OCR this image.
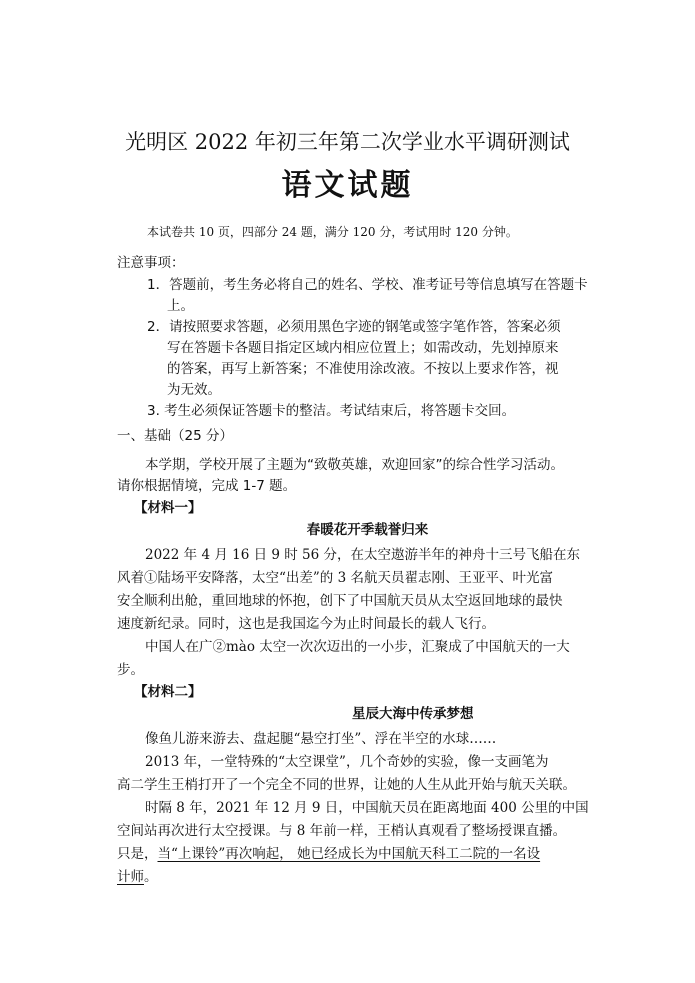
光明区 2022 年初三年第二次学业水平调研测试
语文试题
本试卷共 10 页，四部分 24 题，满分 120 分，考试用时 120 分钟。
注意事项：
1．答题前，考生务必将自己的姓名、学校、准考证号等信息填写在答题卡
上。
2．请按照要求答题，必须用黑色字迹的钢笔或签字笔作答，答案必须
写在答题卡各题目指定区域内相应位置上；如需改动，先划掉原来
的答案，再写上新答案；不准使用涂改液。不按以上要求作答，视
为无效。
3. 考生必须保证答题卡的整洁。考试结束后，将答题卡交回。
一、基础（25 分）
本学期，学校开展了主题为“致敬英雄，欢迎回家”的综合性学习活动。
请你根据情境，完成 1-7 题。
【材料一】
春暖花开季载誉归来
2022 年 4 月 16 日 9 时 56 分，在太空遨游半年的神舟十三号飞船在东
风着①陆场平安降落，太空“出差”的 3 名航天员翟志刚、王亚平、叶光富
安全顺利出舱，重回地球的怀抱，创下了中国航天员从太空返回地球的最快
速度新纪录。同时，这也是我国迄今为止时间最长的载人飞行。
中国人在广②mào 太空一次次迈出的一小步，汇聚成了中国航天的一大
步。
【材料二】
星辰大海中传承梦想
像鱼儿游来游去、盘起腿“悬空打坐”、浮在半空的水球……
2013 年，一堂特殊的“太空课堂”，几个奇妙的实验，像一支画笔为
高二学生王梢打开了一个完全不同的世界，让她的人生从此开始与航天关联。
时隔 8 年，2021 年 12 月 9 日，中国航天员在距离地面 400 公里的中国
空间站再次进行太空授课。与 8 年前一样，王梢认真观看了整场授课直播。
只是，当“上课铃”再次响起， 她已经成长为中国航天科工二院的一名设
计师。
